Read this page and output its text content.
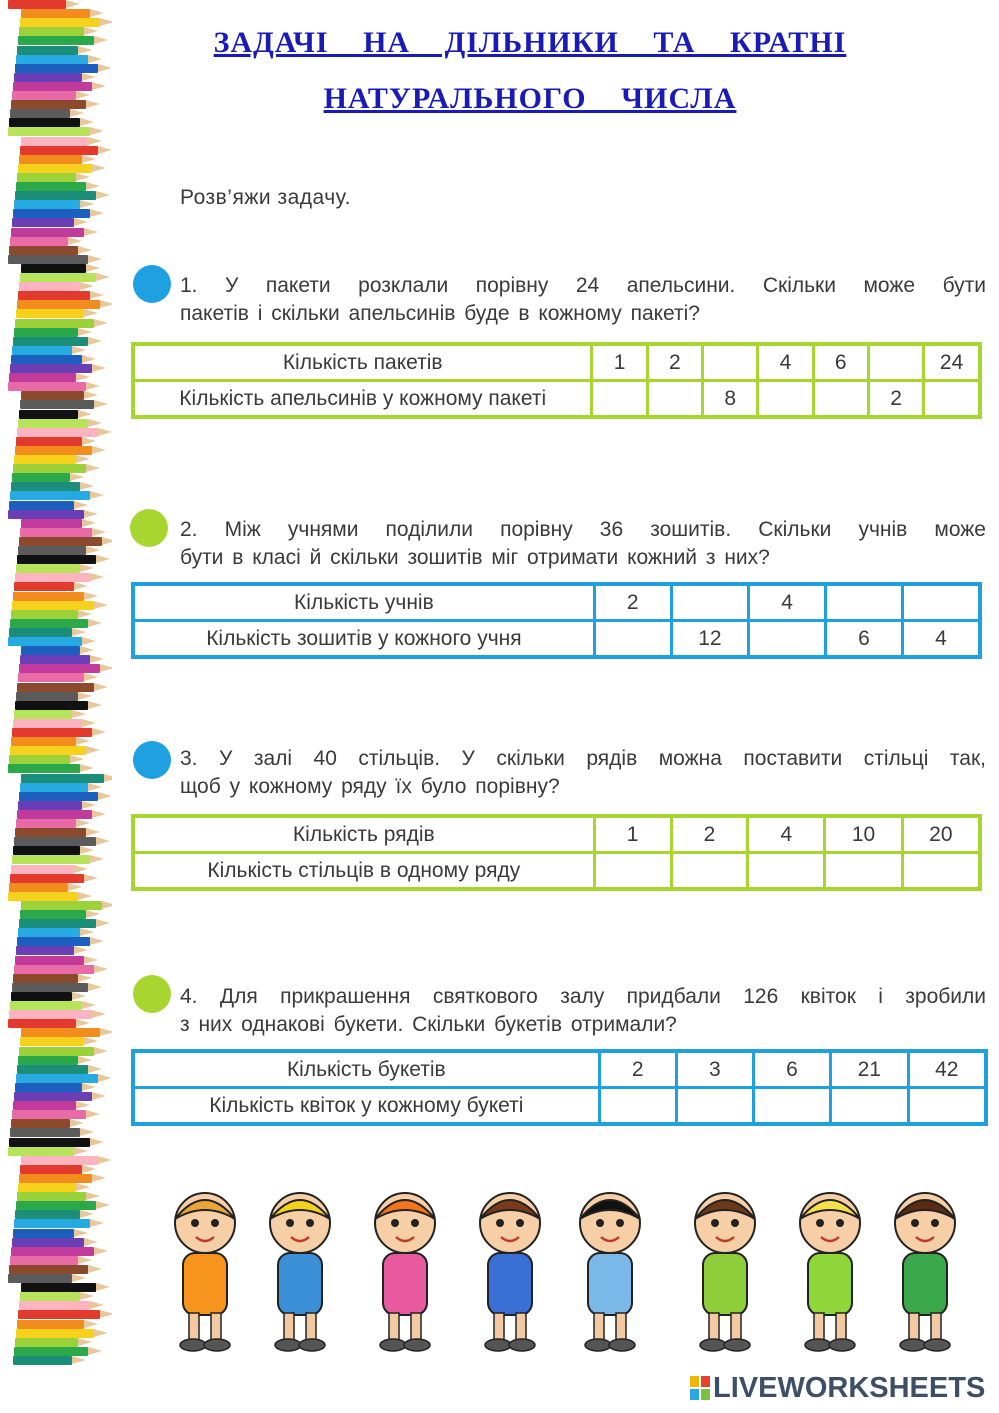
ЗАДАЧІ НА ДІЛЬНИКИ ТА КРАТНІ
НАТУРАЛЬНОГО ЧИСЛА
Розв’яжи задачу.
1. У пакети розклали порівну 24 апельсини. Скільки може бути
пакетів і скільки апельсинів буде в кожному пакеті?
Кількість пакетів	1	2		4	6		24
Кількість апельсинів у кожному пакеті			8			2	
2. Між учнями поділили порівну 36 зошитів. Скільки учнів може
бути в класі й скільки зошитів міг отримати кожний з них?
Кількість учнів	2		4		
Кількість зошитів у кожного учня		12		6	4
3. У залі 40 стільців. У скільки рядів можна поставити стільці так,
щоб у кожному ряду їх було порівну?
Кількість рядів	1	2	4	10	20
Кількість стільців в одному ряду					
4. Для прикрашення святкового залу придбали 126 квіток і зробили
з них однакові букети. Скільки букетів отримали?
Кількість букетів	2	3	6	21	42
Кількість квіток у кожному букеті					
LIVEWORKSHEETS
